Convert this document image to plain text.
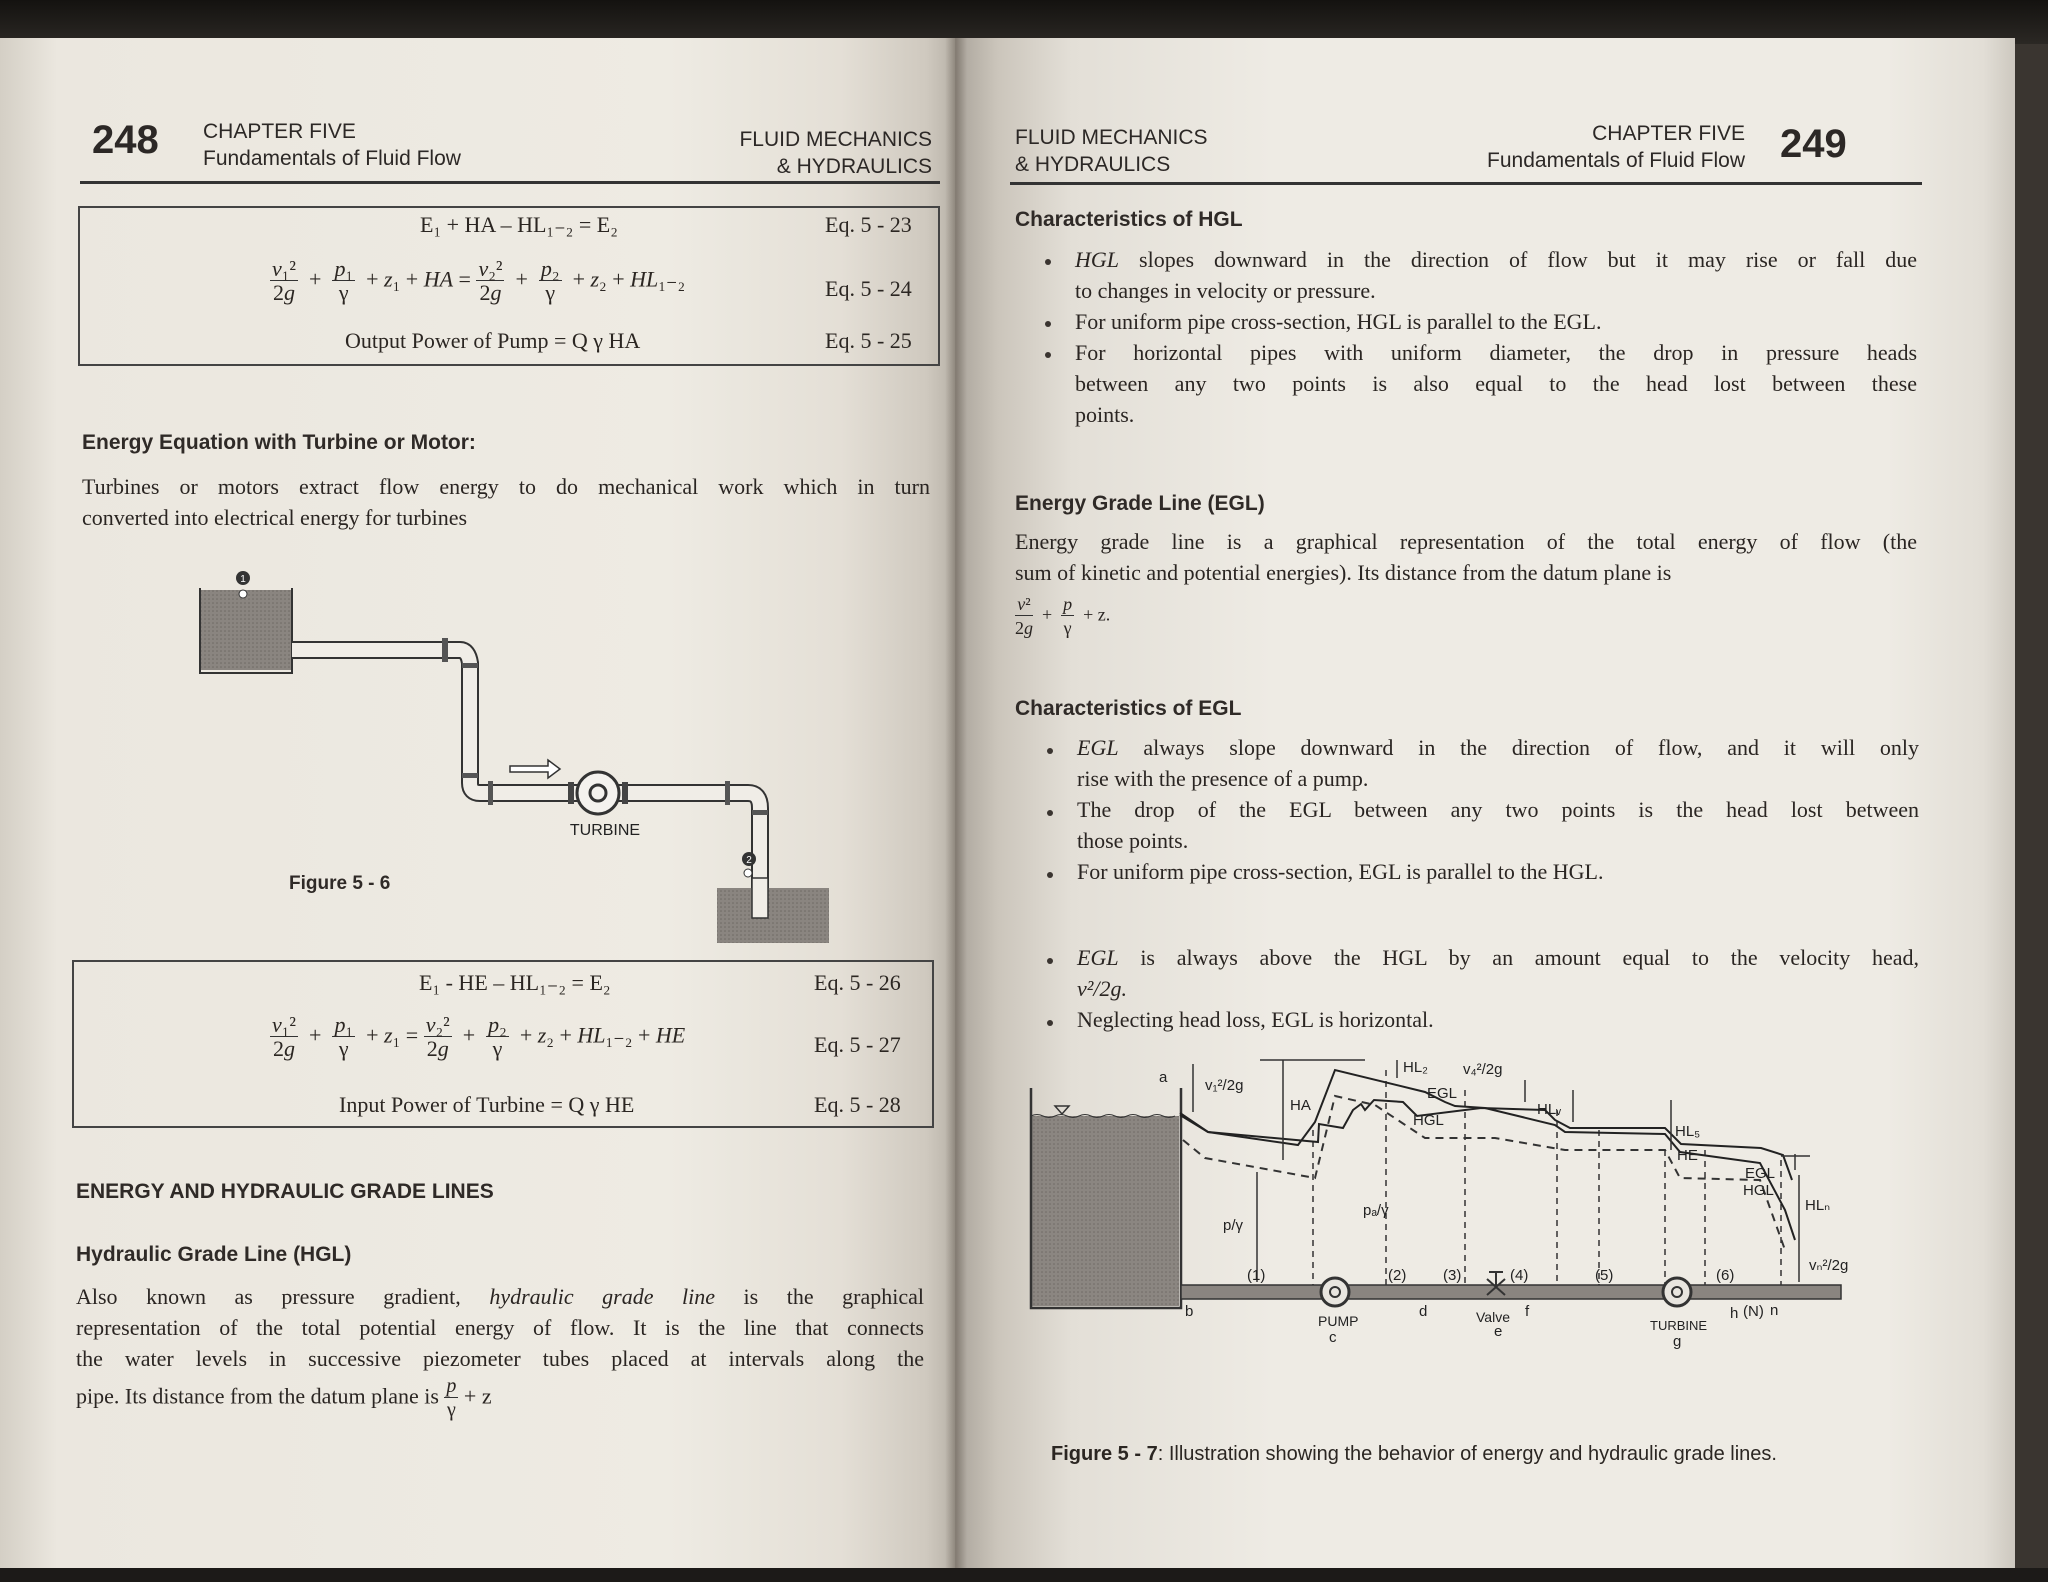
248 CHAPTER FIVE
Fundamentals of Fluid Flow
FLUID MECHANICS
& HYDRAULICS
E₁ + HA – HL₁₋₂ = E₂	Eq. 5 - 23
$\frac{\text{v₁²}}{2g} + \frac{\text{p₁}}{\gamma} + z_1$ + HA = $\frac{\text{v₂²}}{2g} + \frac{\text{p₂}}{\gamma} + z_2 + HL_{1-2}$	Eq. 5 - 24
Output Power of Pump = Q γ HA	Eq. 5 - 25
Energy Equation with Turbine or Motor:
Turbines or motors extract flow energy to do mechanical work which in turn
converted into electrical energy for turbines
1
TURBINE
2
Figure 5 - 6
E₁ - HE – HL₁₋₂ = E₂	Eq. 5 - 26
$\frac{\text{v₁²}}{2g} + \frac{\text{p₁}}{\gamma} + z_1 = \frac{\text{v₂²}}{2g} + \frac{\text{p₂}}{\gamma} + z_2 + HL_{1-2}$ + HE	Eq. 5 - 27
Input Power of Turbine = Q γ HE	Eq. 5 - 28
ENERGY AND HYDRAULIC GRADE LINES
Hydraulic Grade Line (HGL)
Also known as pressure gradient, hydraulic grade line is the graphical
representation of the total potential energy of flow. It is the line that connects
the water levels in successive piezometer tubes placed at intervals along the
pipe. Its distance from the datum plane is $\frac{p}{\gamma} + z$
FLUID MECHANICS
& HYDRAULICS
CHAPTER FIVE
Fundamentals of Fluid Flow 249
Characteristics of HGL
HGL slopes downward in the direction of flow but it may rise or fall due
to changes in velocity or pressure.
For uniform pipe cross-section, HGL is parallel to the EGL.
For horizontal pipes with uniform diameter, the drop in pressure heads
between any two points is also equal to the head lost between these
points.
Energy Grade Line (EGL)
Energy grade line is a graphical representation of the total energy of flow (the
sum of kinetic and potential energies). Its distance from the datum plane is
$\frac{\text{v²}}{2g} + \frac{p}{\gamma} + z$.
Characteristics of EGL
EGL always slope downward in the direction of flow, and it will only
rise with the presence of a pump.
The drop of the EGL between any two points is the head lost between
those points.
For uniform pipe cross-section, EGL is parallel to the HGL.
EGL is always above the HGL by an amount equal to the velocity head,
v²/2g.
Neglecting head loss, EGL is horizontal.
v₁²/2g
HA
HL₂ v₄²/2g
EGL
HGL
HLᵥ
HL₅
HE
EGL
HGL
HLₙ
vₙ²/2g
p/γ
pₐ/γ
a
b
c
d
e
f
g
h n
(1)	(2) (3)	(4)	(5)	(6)
(N)
PUMP	Valve
TURBINE
Figure 5 - 7: Illustration showing the behavior of energy and hydraulic grade lines.
